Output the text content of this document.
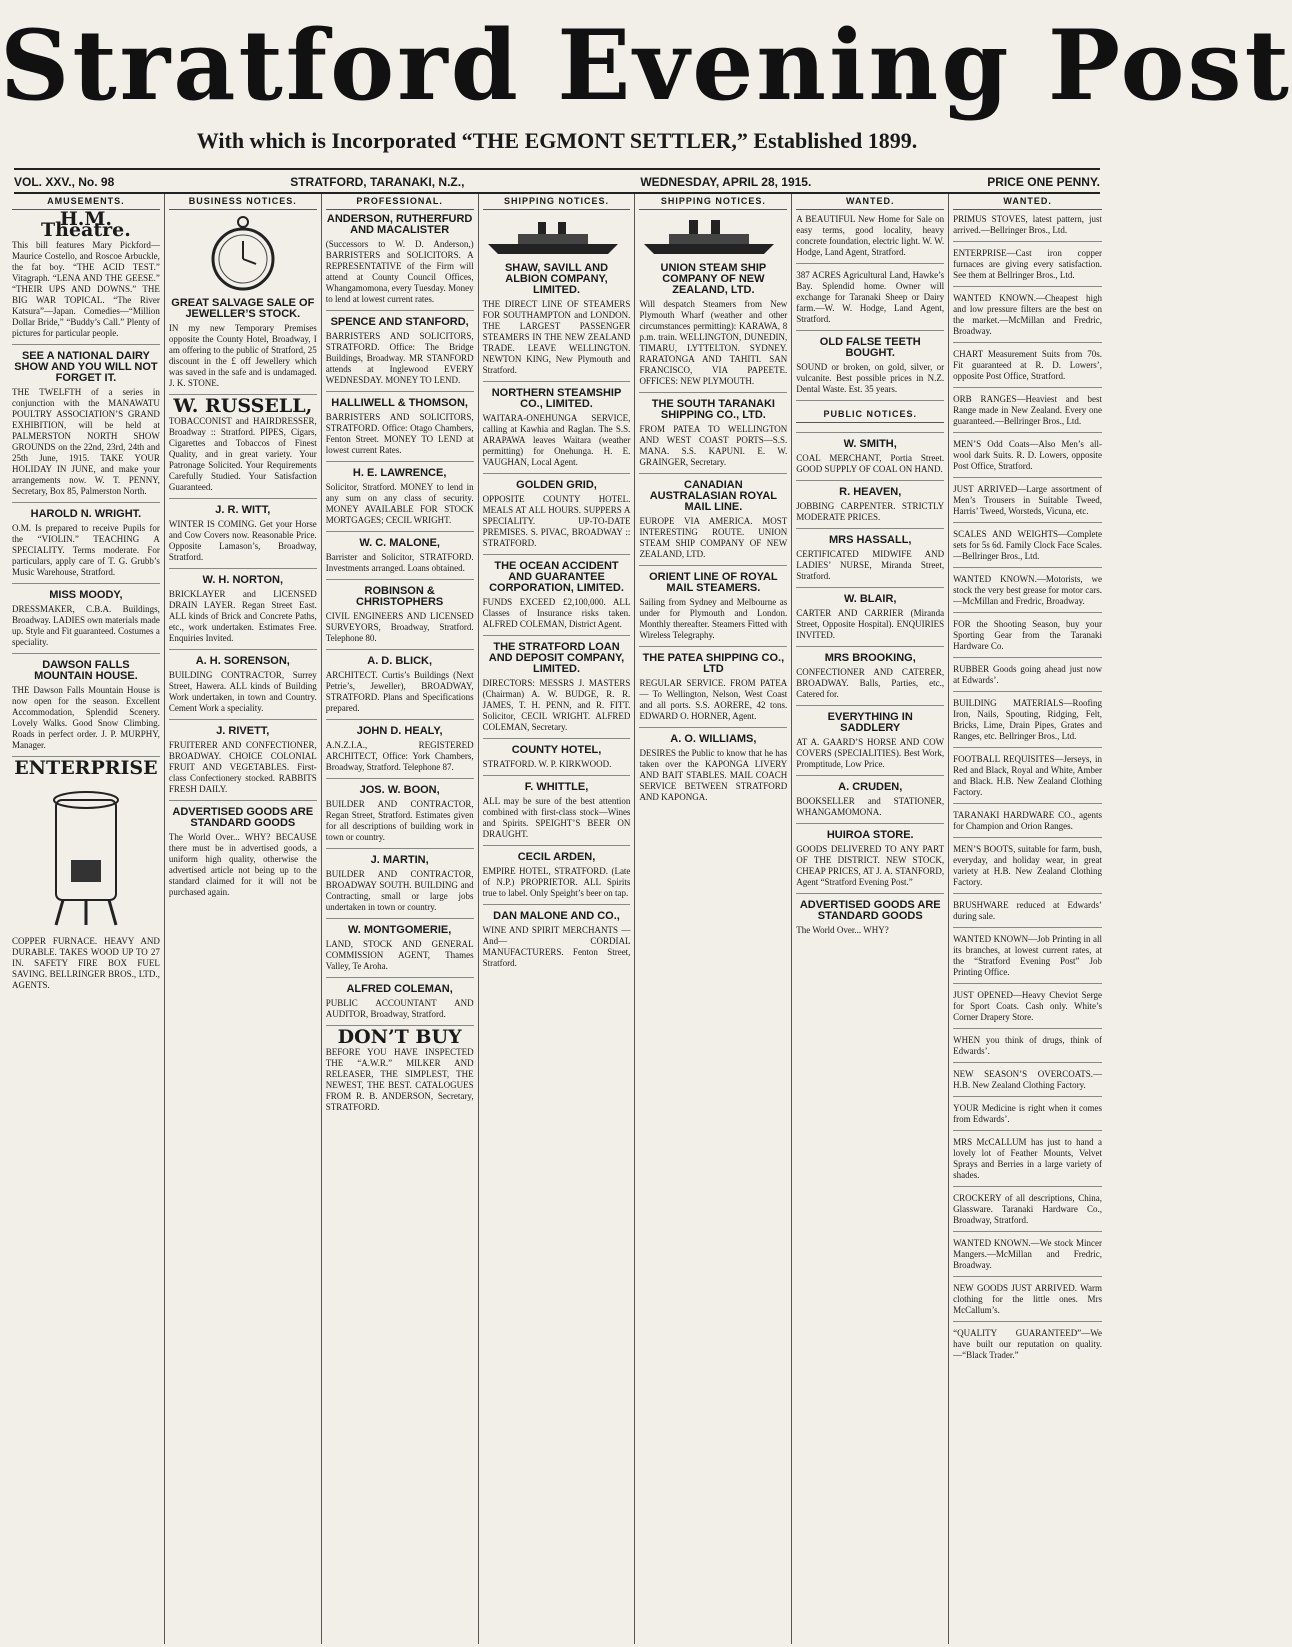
Stratford Evening Post
With which is Incorporated “THE EGMONT SETTLER,” Established 1899.
VOL. XXV., No. 98	STRATFORD, TARANAKI, N.Z.,	WEDNESDAY, APRIL 28, 1915.	PRICE ONE PENNY.
AMUSEMENTS.
H.M. Theatre.
This bill features Mary Pickford—Maurice Costello, and Roscoe Arbuckle, the fat boy. “THE ACID TEST.” Vitagraph. “LENA AND THE GEESE.” “THEIR UPS AND DOWNS.” THE BIG WAR TOPICAL. “The River Katsura”—Japan. Comedies—“Million Dollar Bride,” “Buddy’s Call.” Plenty of pictures for particular people.
SEE A NATIONAL DAIRY SHOW AND YOU WILL NOT FORGET IT.
THE TWELFTH of a series in conjunction with the MANAWATU POULTRY ASSOCIATION’S GRAND EXHIBITION, will be held at PALMERSTON NORTH SHOW GROUNDS on the 22nd, 23rd, 24th and 25th June, 1915. TAKE YOUR HOLIDAY IN JUNE, and make your arrangements now. W. T. PENNY, Secretary, Box 85, Palmerston North.
HAROLD N. WRIGHT.
O.M. Is prepared to receive Pupils for the “VIOLIN.” TEACHING A SPECIALITY. Terms moderate. For particulars, apply care of T. G. Grubb’s Music Warehouse, Stratford.
MISS MOODY,
DRESSMAKER, C.B.A. Buildings, Broadway. LADIES own materials made up. Style and Fit guaranteed. Costumes a speciality.
DAWSON FALLS MOUNTAIN HOUSE.
THE Dawson Falls Mountain House is now open for the season. Excellent Accommodation, Splendid Scenery. Lovely Walks. Good Snow Climbing. Roads in perfect order. J. P. MURPHY, Manager.
ENTERPRISE
COPPER FURNACE. HEAVY AND DURABLE. TAKES WOOD UP TO 27 IN. SAFETY FIRE BOX FUEL SAVING. BELLRINGER BROS., LTD., AGENTS.
BUSINESS NOTICES.
GREAT SALVAGE SALE OF JEWELLER’S STOCK.
IN my new Temporary Premises opposite the County Hotel, Broadway, I am offering to the public of Stratford, 25 discount in the £ off Jewellery which was saved in the safe and is undamaged. J. K. STONE.
W. RUSSELL,
TOBACCONIST and HAIRDRESSER, Broadway :: Stratford. PIPES, Cigars, Cigarettes and Tobaccos of Finest Quality, and in great variety. Your Patronage Solicited. Your Requirements Carefully Studied. Your Satisfaction Guaranteed.
J. R. WITT,
WINTER IS COMING. Get your Horse and Cow Covers now. Reasonable Price. Opposite Lamason’s, Broadway, Stratford.
W. H. NORTON,
BRICKLAYER and LICENSED DRAIN LAYER. Regan Street East. ALL kinds of Brick and Concrete Paths, etc., work undertaken. Estimates Free. Enquiries Invited.
A. H. SORENSON,
BUILDING CONTRACTOR, Surrey Street, Hawera. ALL kinds of Building Work undertaken, in town and Country. Cement Work a speciality.
J. RIVETT,
FRUITERER AND CONFECTIONER, BROADWAY. CHOICE COLONIAL FRUIT AND VEGETABLES. First-class Confectionery stocked. RABBITS FRESH DAILY.
ADVERTISED GOODS ARE STANDARD GOODS
The World Over... WHY? BECAUSE there must be in advertised goods, a uniform high quality, otherwise the advertised article not being up to the standard claimed for it will not be purchased again.
PROFESSIONAL.
ANDERSON, RUTHERFURD AND MACALISTER
(Successors to W. D. Anderson,) BARRISTERS and SOLICITORS. A REPRESENTATIVE of the Firm will attend at County Council Offices, Whangamomona, every Tuesday. Money to lend at lowest current rates.
SPENCE AND STANFORD,
BARRISTERS AND SOLICITORS, STRATFORD. Office: The Bridge Buildings, Broadway. MR STANFORD attends at Inglewood EVERY WEDNESDAY. MONEY TO LEND.
HALLIWELL & THOMSON,
BARRISTERS AND SOLICITORS, STRATFORD. Office: Otago Chambers, Fenton Street. MONEY TO LEND at lowest current Rates.
H. E. LAWRENCE,
Solicitor, Stratford. MONEY to lend in any sum on any class of security. MONEY AVAILABLE FOR STOCK MORTGAGES; CECIL WRIGHT.
W. C. MALONE,
Barrister and Solicitor, STRATFORD. Investments arranged. Loans obtained.
ROBINSON & CHRISTOPHERS
CIVIL ENGINEERS AND LICENSED SURVEYORS, Broadway, Stratford. Telephone 80.
A. D. BLICK,
ARCHITECT. Curtis’s Buildings (Next Petrie’s, Jeweller), BROADWAY, STRATFORD. Plans and Specifications prepared.
JOHN D. HEALY,
A.N.Z.I.A., REGISTERED ARCHITECT, Office: York Chambers, Broadway, Stratford. Telephone 87.
JOS. W. BOON,
BUILDER AND CONTRACTOR, Regan Street, Stratford. Estimates given for all descriptions of building work in town or country.
J. MARTIN,
BUILDER AND CONTRACTOR, BROADWAY SOUTH. BUILDING and Contracting, small or large jobs undertaken in town or country.
W. MONTGOMERIE,
LAND, STOCK AND GENERAL COMMISSION AGENT, Thames Valley, Te Aroha.
ALFRED COLEMAN,
PUBLIC ACCOUNTANT AND AUDITOR, Broadway, Stratford.
DON’T BUY
BEFORE YOU HAVE INSPECTED THE “A.W.R.” MILKER AND RELEASER, THE SIMPLEST, THE NEWEST, THE BEST. CATALOGUES FROM R. B. ANDERSON, Secretary, STRATFORD.
SHIPPING NOTICES.
SHAW, SAVILL AND ALBION COMPANY, LIMITED.
THE DIRECT LINE OF STEAMERS FOR SOUTHAMPTON and LONDON. THE LARGEST PASSENGER STEAMERS IN THE NEW ZEALAND TRADE. LEAVE WELLINGTON. NEWTON KING, New Plymouth and Stratford.
NORTHERN STEAMSHIP CO., LIMITED.
WAITARA-ONEHUNGA SERVICE, calling at Kawhia and Raglan. The S.S. ARAPAWA leaves Waitara (weather permitting) for Onehunga. H. E. VAUGHAN, Local Agent.
GOLDEN GRID,
OPPOSITE COUNTY HOTEL. MEALS AT ALL HOURS. SUPPERS A SPECIALITY. UP-TO-DATE PREMISES. S. PIVAC, BROADWAY :: STRATFORD.
THE OCEAN ACCIDENT AND GUARANTEE CORPORATION, LIMITED.
FUNDS EXCEED £2,100,000. ALL Classes of Insurance risks taken. ALFRED COLEMAN, District Agent.
THE STRATFORD LOAN AND DEPOSIT COMPANY, LIMITED.
DIRECTORS: MESSRS J. MASTERS (Chairman) A. W. BUDGE, R. R. JAMES, T. H. PENN, and R. FITT. Solicitor, CECIL WRIGHT. ALFRED COLEMAN, Secretary.
COUNTY HOTEL,
STRATFORD. W. P. KIRKWOOD.
F. WHITTLE,
ALL may be sure of the best attention combined with first-class stock—Wines and Spirits. SPEIGHT’S BEER ON DRAUGHT.
CECIL ARDEN,
EMPIRE HOTEL, STRATFORD. (Late of N.P.) PROPRIETOR. ALL Spirits true to label. Only Speight’s beer on tap.
DAN MALONE AND CO.,
WINE AND SPIRIT MERCHANTS —And— CORDIAL MANUFACTURERS. Fenton Street, Stratford.
SHIPPING NOTICES.
UNION STEAM SHIP COMPANY OF NEW ZEALAND, LTD.
Will despatch Steamers from New Plymouth Wharf (weather and other circumstances permitting): KARAWA, 8 p.m. train. WELLINGTON, DUNEDIN, TIMARU, LYTTELTON. SYDNEY. RARATONGA AND TAHITI. SAN FRANCISCO, VIA PAPEETE. OFFICES: NEW PLYMOUTH.
THE SOUTH TARANAKI SHIPPING CO., LTD.
FROM PATEA TO WELLINGTON AND WEST COAST PORTS—S.S. MANA. S.S. KAPUNI. E. W. GRAINGER, Secretary.
CANADIAN AUSTRALASIAN ROYAL MAIL LINE.
EUROPE VIA AMERICA. MOST INTERESTING ROUTE. UNION STEAM SHIP COMPANY OF NEW ZEALAND, LTD.
ORIENT LINE OF ROYAL MAIL STEAMERS.
Sailing from Sydney and Melbourne as under for Plymouth and London. Monthly thereafter. Steamers Fitted with Wireless Telegraphy.
THE PATEA SHIPPING CO., LTD
REGULAR SERVICE. FROM PATEA— To Wellington, Nelson, West Coast and all ports. S.S. AORERE, 42 tons. EDWARD O. HORNER, Agent.
A. O. WILLIAMS,
DESIRES the Public to know that he has taken over the KAPONGA LIVERY AND BAIT STABLES. MAIL COACH SERVICE BETWEEN STRATFORD AND KAPONGA.
WANTED.
A BEAUTIFUL New Home for Sale on easy terms, good locality, heavy concrete foundation, electric light. W. W. Hodge, Land Agent, Stratford.
387 ACRES Agricultural Land, Hawke’s Bay. Splendid home. Owner will exchange for Taranaki Sheep or Dairy farm.—W. W. Hodge, Land Agent, Stratford.
OLD FALSE TEETH BOUGHT.
SOUND or broken, on gold, silver, or vulcanite. Best possible prices in N.Z. Dental Waste. Est. 35 years.
PUBLIC NOTICES.
W. SMITH,
COAL MERCHANT, Portia Street. GOOD SUPPLY OF COAL ON HAND.
R. HEAVEN,
JOBBING CARPENTER. STRICTLY MODERATE PRICES.
MRS HASSALL,
CERTIFICATED MIDWIFE AND LADIES’ NURSE, Miranda Street, Stratford.
W. BLAIR,
CARTER AND CARRIER (Miranda Street, Opposite Hospital). ENQUIRIES INVITED.
MRS BROOKING,
CONFECTIONER AND CATERER, BROADWAY. Balls, Parties, etc., Catered for.
EVERYTHING IN SADDLERY
AT A. GAARD’S HORSE AND COW COVERS (SPECIALITIES). Best Work, Promptitude, Low Price.
A. CRUDEN,
BOOKSELLER and STATIONER, WHANGAMOMONA.
HUIROA STORE.
GOODS DELIVERED TO ANY PART OF THE DISTRICT. NEW STOCK, CHEAP PRICES, AT J. A. STANFORD, Agent “Stratford Evening Post.”
ADVERTISED GOODS ARE STANDARD GOODS
The World Over... WHY?
WANTED.
PRIMUS STOVES, latest pattern, just arrived.—Bellringer Bros., Ltd.
ENTERPRISE—Cast iron copper furnaces are giving every satisfaction. See them at Bellringer Bros., Ltd.
WANTED KNOWN.—Cheapest high and low pressure filters are the best on the market.—McMillan and Fredric, Broadway.
CHART Measurement Suits from 70s. Fit guaranteed at R. D. Lowers’, opposite Post Office, Stratford.
ORB RANGES—Heaviest and best Range made in New Zealand. Every one guaranteed.—Bellringer Bros., Ltd.
MEN’S Odd Coats—Also Men’s all-wool dark Suits. R. D. Lowers, opposite Post Office, Stratford.
JUST ARRIVED—Large assortment of Men’s Trousers in Suitable Tweed, Harris’ Tweed, Worsteds, Vicuna, etc.
SCALES AND WEIGHTS—Complete sets for 5s 6d. Family Clock Face Scales.—Bellringer Bros., Ltd.
WANTED KNOWN.—Motorists, we stock the very best grease for motor cars.—McMillan and Fredric, Broadway.
FOR the Shooting Season, buy your Sporting Gear from the Taranaki Hardware Co.
RUBBER Goods going ahead just now at Edwards’.
BUILDING MATERIALS—Roofing Iron, Nails, Spouting, Ridging, Felt, Bricks, Lime, Drain Pipes, Grates and Ranges, etc. Bellringer Bros., Ltd.
FOOTBALL REQUISITES—Jerseys, in Red and Black, Royal and White, Amber and Black. H.B. New Zealand Clothing Factory.
TARANAKI HARDWARE CO., agents for Champion and Orion Ranges.
MEN’S BOOTS, suitable for farm, bush, everyday, and holiday wear, in great variety at H.B. New Zealand Clothing Factory.
BRUSHWARE reduced at Edwards’ during sale.
WANTED KNOWN—Job Printing in all its branches, at lowest current rates, at the “Stratford Evening Post” Job Printing Office.
JUST OPENED—Heavy Cheviot Serge for Sport Coats. Cash only. White’s Corner Drapery Store.
WHEN you think of drugs, think of Edwards’.
NEW SEASON’S OVERCOATS.—H.B. New Zealand Clothing Factory.
YOUR Medicine is right when it comes from Edwards’.
MRS McCALLUM has just to hand a lovely lot of Feather Mounts, Velvet Sprays and Berries in a large variety of shades.
CROCKERY of all descriptions, China, Glassware. Taranaki Hardware Co., Broadway, Stratford.
WANTED KNOWN.—We stock Mincer Mangers.—McMillan and Fredric, Broadway.
NEW GOODS JUST ARRIVED. Warm clothing for the little ones. Mrs McCallum’s.
“QUALITY GUARANTEED”—We have built our reputation on quality.—“Black Trader.”
